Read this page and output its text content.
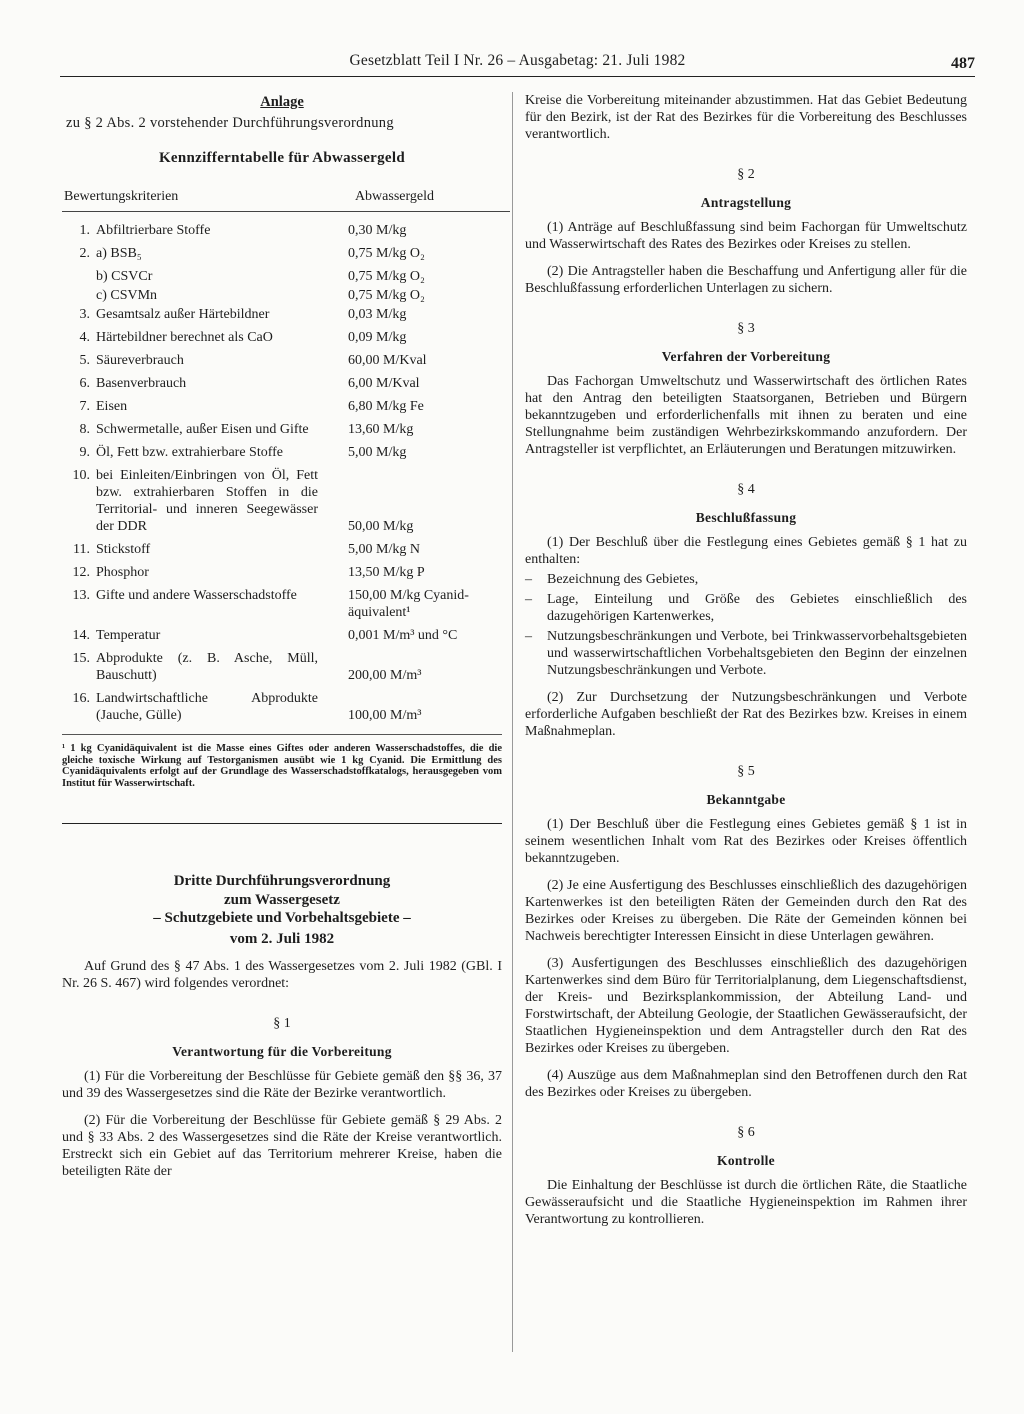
Gesetzblatt Teil I Nr. 26 – Ausgabetag: 21. Juli 1982	487
Anlage
zu § 2 Abs. 2 vorstehender Durchführungsverordnung
Kennzifferntabelle für Abwassergeld
Bewertungskriterien	Abwassergeld
1. Abfiltrierbare Stoffe	0,30 M/kg
2. a) BSB₅	0,75 M/kg O₂
b) CSVCr	0,75 M/kg O₂
c) CSVMn	0,75 M/kg O₂
3. Gesamtsalz außer Härtebildner	0,03 M/kg
4. Härtebildner berechnet als CaO	0,09 M/kg
5. Säureverbrauch	60,00 M/Kval
6. Basenverbrauch	6,00 M/Kval
7. Eisen	6,80 M/kg Fe
8. Schwermetalle, außer Eisen und Gifte	13,60 M/kg
9. Öl, Fett bzw. extrahierbare Stoffe	5,00 M/kg
10. bei Einleiten/Einbringen von Öl, Fett bzw. extrahierbaren Stoffen in die Territorial- und inneren Seegewässer der DDR	50,00 M/kg
11. Stickstoff	5,00 M/kg N
12. Phosphor	13,50 M/kg P
13. Gifte und andere Wasserschadstoffe	150,00 M/kg Cyanid-
äquivalent¹
14. Temperatur	0,001 M/m³ und °C
15. Abprodukte (z. B. Asche, Müll, Bauschutt)	200,00 M/m³
16. Landwirtschaftliche Abprodukte (Jauche, Gülle)	100,00 M/m³
¹ 1 kg Cyanidäquivalent ist die Masse eines Giftes oder anderen Wasserschadstoffes, die die gleiche toxische Wirkung auf Testorganismen ausübt wie 1 kg Cyanid. Die Ermittlung des Cyanidäquivalents erfolgt auf der Grundlage des Wasserschadstoffkatalogs, herausgegeben vom Institut für Wasserwirtschaft.
Dritte Durchführungsverordnung
zum Wassergesetz
– Schutzgebiete und Vorbehaltsgebiete –
vom 2. Juli 1982

Auf Grund des § 47 Abs. 1 des Wassergesetzes vom 2. Juli 1982 (GBl. I Nr. 26 S. 467) wird folgendes verordnet:

§ 1
Verantwortung für die Vorbereitung

(1) Für die Vorbereitung der Beschlüsse für Gebiete gemäß den §§ 36, 37 und 39 des Wassergesetzes sind die Räte der Bezirke verantwortlich.

(2) Für die Vorbereitung der Beschlüsse für Gebiete gemäß § 29 Abs. 2 und § 33 Abs. 2 des Wassergesetzes sind die Räte der Kreise verantwortlich. Erstreckt sich ein Gebiet auf das Territorium mehrerer Kreise, haben die beteiligten Räte der

Kreise die Vorbereitung miteinander abzustimmen. Hat das Gebiet Bedeutung für den Bezirk, ist der Rat des Bezirkes für die Vorbereitung des Beschlusses verantwortlich.

§ 2
Antragstellung

(1) Anträge auf Beschlußfassung sind beim Fachorgan für Umweltschutz und Wasserwirtschaft des Rates des Bezirkes oder Kreises zu stellen.

(2) Die Antragsteller haben die Beschaffung und Anfertigung aller für die Beschlußfassung erforderlichen Unterlagen zu sichern.

§ 3
Verfahren der Vorbereitung

Das Fachorgan Umweltschutz und Wasserwirtschaft des örtlichen Rates hat den Antrag den beteiligten Staatsorganen, Betrieben und Bürgern bekanntzugeben und erforderlichenfalls mit ihnen zu beraten und eine Stellungnahme beim zuständigen Wehrbezirkskommando anzufordern. Der Antragsteller ist verpflichtet, an Erläuterungen und Beratungen mitzuwirken.

§ 4
Beschlußfassung

(1) Der Beschluß über die Festlegung eines Gebietes gemäß § 1 hat zu enthalten:

–	Bezeichnung des Gebietes,
–	Lage, Einteilung und Größe des Gebietes einschließlich des dazugehörigen Kartenwerkes,
–	Nutzungsbeschränkungen und Verbote, bei Trinkwasservorbehaltsgebieten und wasserwirtschaftlichen Vorbehaltsgebieten den Beginn der einzelnen Nutzungsbeschränkungen und Verbote.

(2) Zur Durchsetzung der Nutzungsbeschränkungen und Verbote erforderliche Aufgaben beschließt der Rat des Bezirkes bzw. Kreises in einem Maßnahmeplan.

§ 5
Bekanntgabe

(1) Der Beschluß über die Festlegung eines Gebietes gemäß § 1 ist in seinem wesentlichen Inhalt vom Rat des Bezirkes oder Kreises öffentlich bekanntzugeben.

(2) Je eine Ausfertigung des Beschlusses einschließlich des dazugehörigen Kartenwerkes ist den beteiligten Räten der Gemeinden durch den Rat des Bezirkes oder Kreises zu übergeben. Die Räte der Gemeinden können bei Nachweis berechtigter Interessen Einsicht in diese Unterlagen gewähren.

(3) Ausfertigungen des Beschlusses einschließlich des dazugehörigen Kartenwerkes sind dem Büro für Territorialplanung, dem Liegenschaftsdienst, der Kreis- und Bezirksplankommission, der Abteilung Land- und Forstwirtschaft, der Abteilung Geologie, der Staatlichen Gewässeraufsicht, der Staatlichen Hygieneinspektion und dem Antragsteller durch den Rat des Bezirkes oder Kreises zu übergeben.

(4) Auszüge aus dem Maßnahmeplan sind den Betroffenen durch den Rat des Bezirkes oder Kreises zu übergeben.

§ 6
Kontrolle

Die Einhaltung der Beschlüsse ist durch die örtlichen Räte, die Staatliche Gewässeraufsicht und die Staatliche Hygieneinspektion im Rahmen ihrer Verantwortung zu kontrollieren.
